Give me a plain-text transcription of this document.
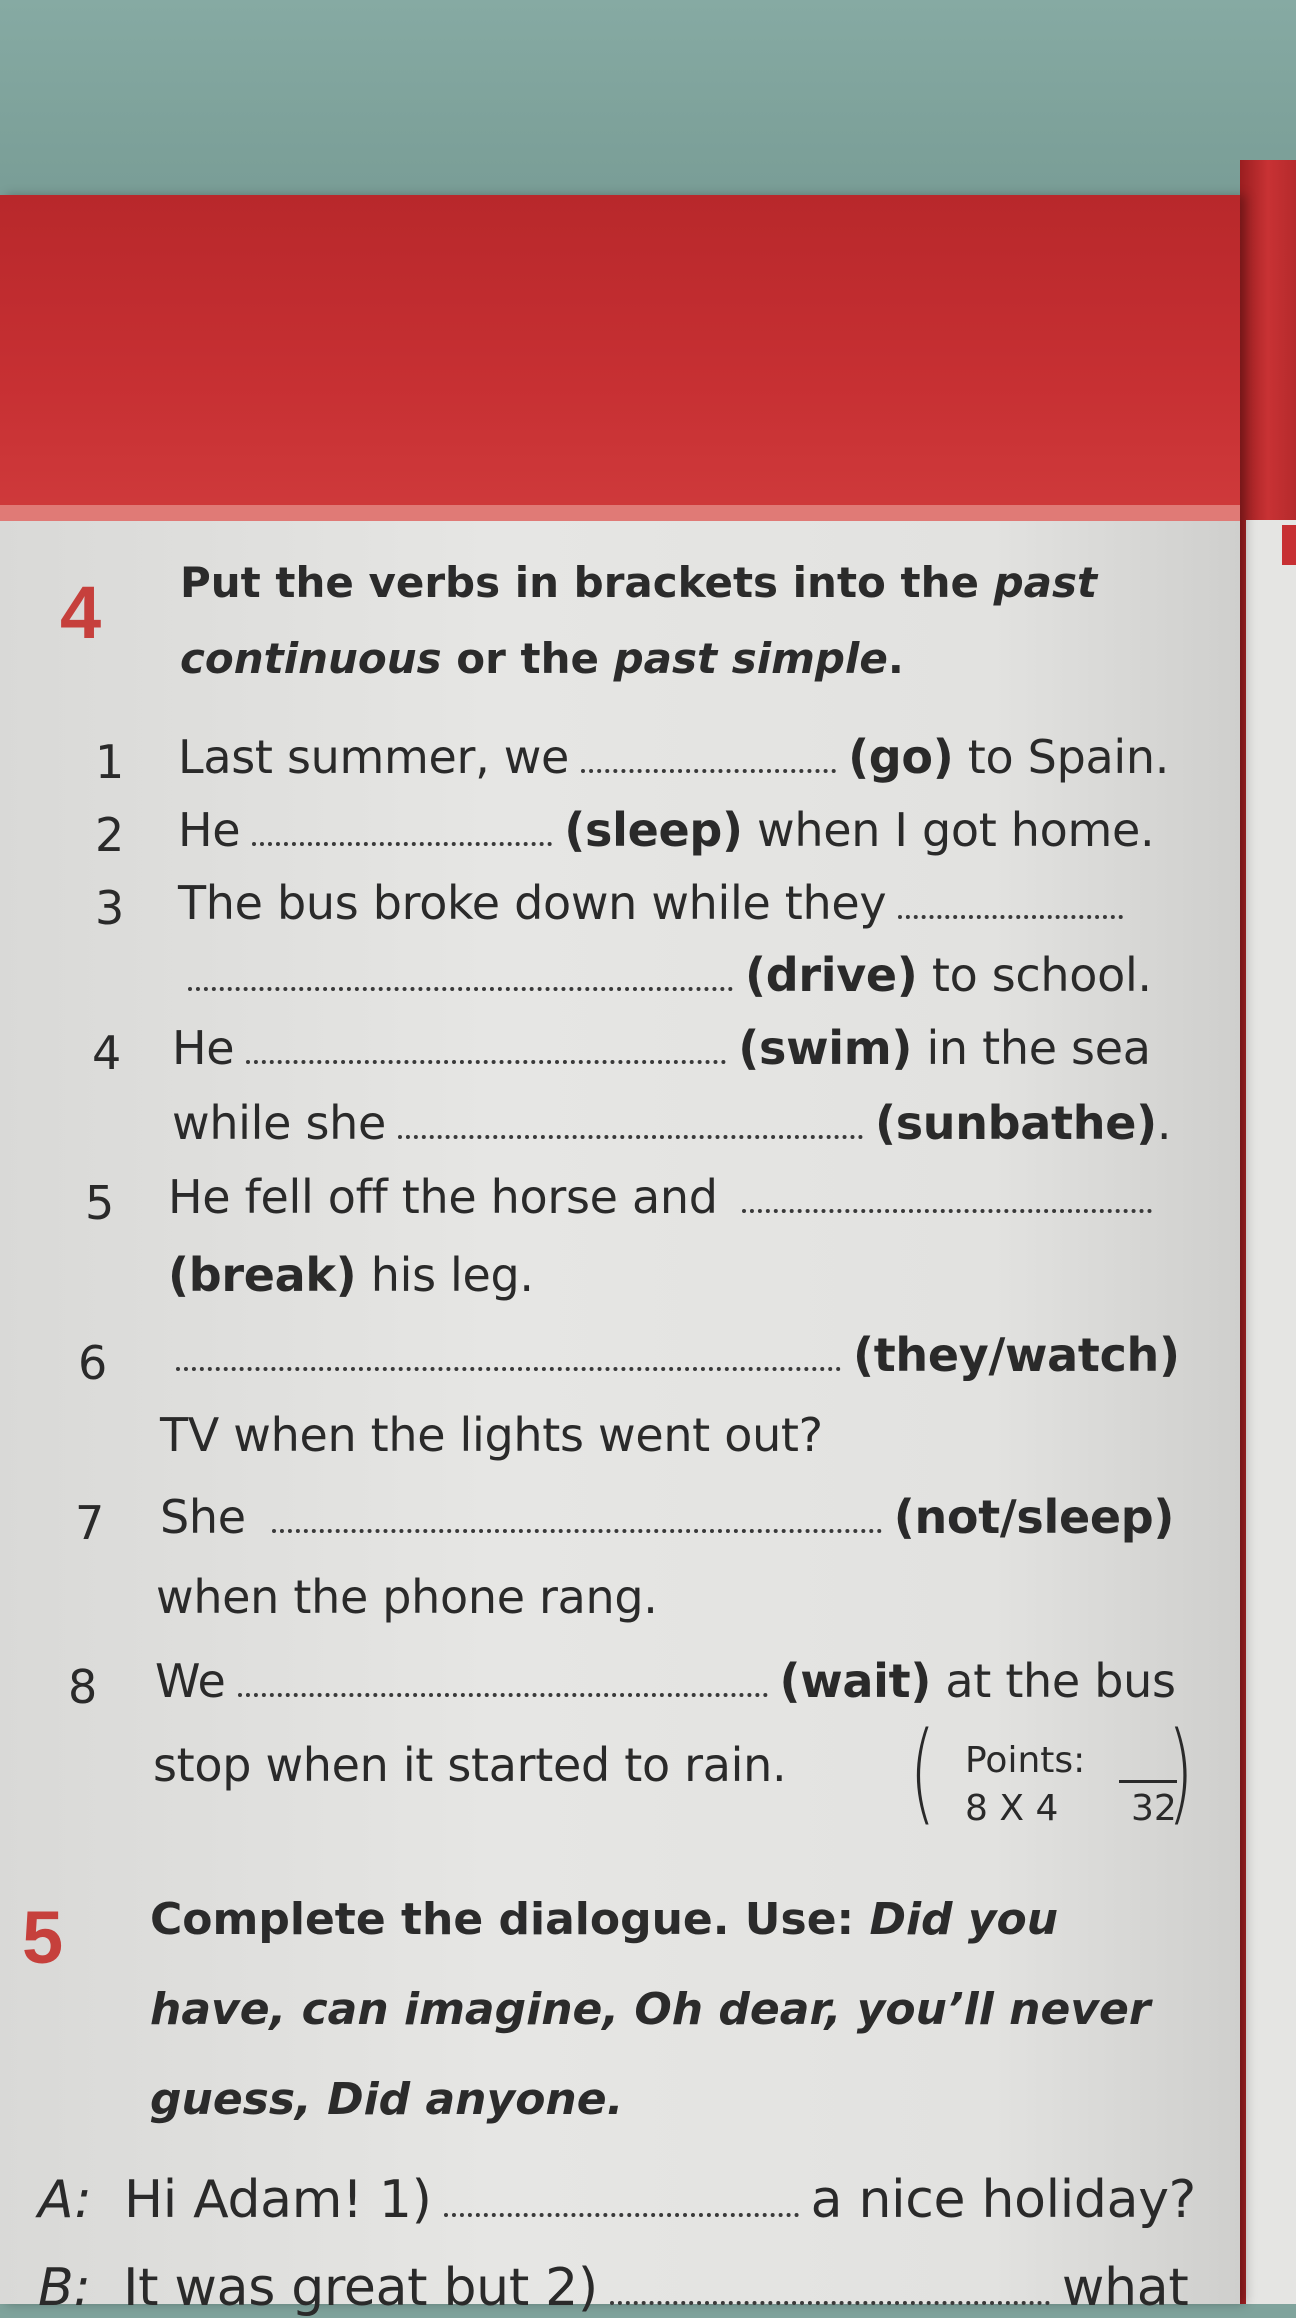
4 Put the verbs in brackets into the past
continuous or the past simple.
1 Last summer, we	(go) to Spain.
2 He	(sleep) when I got home.
3 The bus broke down while they
(drive) to school.
4 He	(swim) in the sea
while she	(sunbathe).
5 He fell off the horse and
(break) his leg.
6	(they/watch)
TV when the lights went out?
7 She	(not/sleep)
when the phone rang.
8 We	(wait) at the bus
stop when it started to rain. ( )
Points:
8 X 4 32
5 Complete the dialogue. Use: Did you
have, can imagine, Oh dear, you’ll never
guess, Did anyone.
A: Hi Adam! 1)	a nice holiday?
B: It was great but 2)	what
